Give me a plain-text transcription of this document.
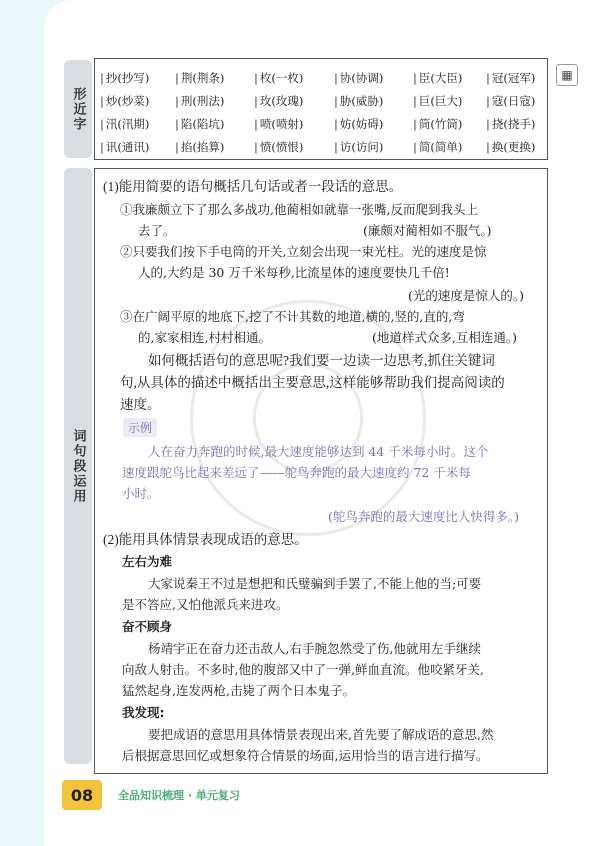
形近字
▦
| 抄(抄写)	| 荆(荆条)	| 枚(一枚)	| 协(协调)	| 臣(大臣)	| 冠(冠军)
| 炒(炒菜)	| 刑(刑法)	| 玫(玫瑰)	| 胁(威胁)	| 巨(巨大)	| 寇(日寇)
| 汛(汛期)	| 陷(陷坑)	| 喷(喷射)	| 妨(妨碍)	| 筒(竹筒)	| 挠(挠手)
| 讯(通讯)	| 掐(掐算)	| 愤(愤恨)	| 访(访问)	| 简(简单)	| 换(更换)
词句段运用
(1)能用简要的语句概括几句话或者一段话的意思。
①我廉颇立下了那么多战功,他蔺相如就靠一张嘴,反而爬到我头上
去了。	(廉颇对蔺相如不服气。)
②只要我们按下手电筒的开关,立刻会出现一束光柱。光的速度是惊
人的,大约是 30 万千米每秒,比流星体的速度要快几千倍!
(光的速度是惊人的。)
③在广阔平原的地底下,挖了不计其数的地道,横的,竖的,直的,弯
的,家家相连,村村相通。	(地道样式众多,互相连通。)
如何概括语句的意思呢?我们要一边读一边思考,抓住关键词
句,从具体的描述中概括出主要意思,这样能够帮助我们提高阅读的
速度。
示例
人在奋力奔跑的时候,最大速度能够达到 44 千米每小时。这个
速度跟鸵鸟比起来差远了——鸵鸟奔跑的最大速度约 72 千米每
小时。
(鸵鸟奔跑的最大速度比人快得多。)
(2)能用具体情景表现成语的意思。
左右为难
大家说秦王不过是想把和氏璧骗到手罢了,不能上他的当;可要
是不答应,又怕他派兵来进攻。
奋不顾身
杨靖宇正在奋力还击敌人,右手腕忽然受了伤,他就用左手继续
向敌人射击。不多时,他的腹部又中了一弹,鲜血直流。他咬紧牙关,
猛然起身,连发两枪,击毙了两个日本鬼子。
我发现:
要把成语的意思用具体情景表现出来,首先要了解成语的意思,然
后根据意思回忆或想象符合情景的场面,运用恰当的语言进行描写。
08	全品知识梳理 · 单元复习
